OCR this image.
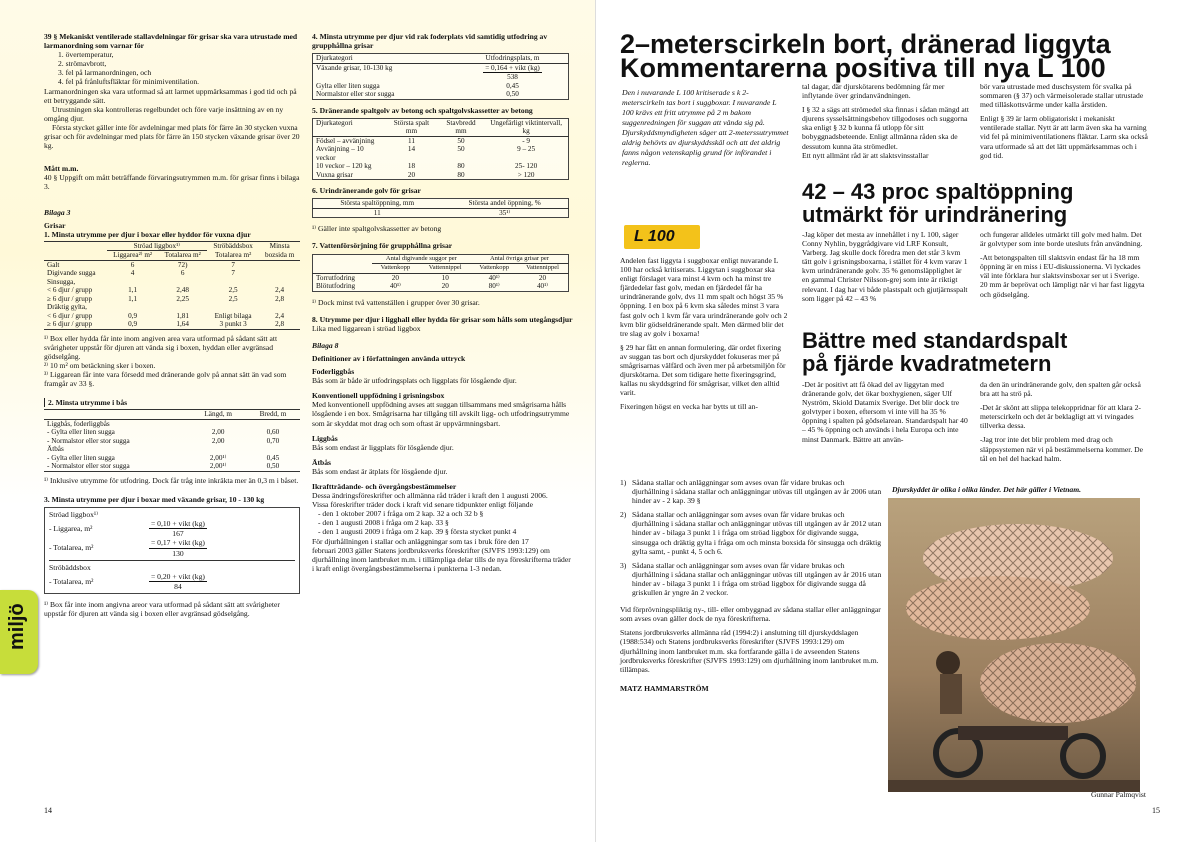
39 § Mekaniskt ventilerade stallavdelningar för grisar ska vara utrustade med larmanordning som varnar för

1. övertemperatur,
2. strömavbrott,
3. fel på larmanordningen, och
4. fel på frånluftsfläktar för minimiventilation.
Larmanordningen ska vara utformad så att larmet uppmärksammas i god tid och på ett betryggande sätt.
Utrustningen ska kontrolleras regelbundet och före varje insättning av en ny omgång djur.
Första stycket gäller inte för avdelningar med plats för färre än 30 stycken vuxna grisar och för avdelningar med plats för färre än 150 stycken växande grisar över 20 kg.
Mått m.m.
40 § Uppgift om mått beträffande förvaringsutrymmen m.m. för grisar finns i bilaga 3.
Bilaga 3
Grisar
1. Minsta utrymme per djur i boxar eller hyddor för vuxna djur
	Ströad liggbox¹⁾		Ströbäddsbox	Minsta
	Liggarea²⁾ m²	Totalarea m²	Totalarea m²	bozsida m
Galt	6	72)	7	
Digivande sugga	4	6	7	
Sinsugga,				
< 6 djur / grupp	1,1	2,48	2,5	2,4
≥ 6 djur / grupp	1,1	2,25	2,5	2,8
Dräktig gylta,				
< 6 djur / grupp	0,9	1,81	Enligt bilaga	2,4
≥ 6 djur / grupp	0,9	1,64	3 punkt 3	2,8
¹⁾ Box eller hydda får inte inom angiven area vara utformad på sådant sätt att svårigheter uppstår för djuren att vända sig i boxen, hyddan eller avgränsad gödselgång.
²⁾ 10 m² om betäckning sker i boxen.
³⁾ Liggarean får inte vara försedd med dränerande golv på annat sätt än vad som framgår av 33 §.
2. Minsta utrymme i bås
	Längd, m	Bredd, m
Liggbås, foderliggbås		
- Gylta eller liten sugga	2,00	0,60
- Normalstor eller stor sugga	2,00	0,70
Ätbås		
- Gylta eller liten sugga	2,00¹⁾	0,45
- Normalstor eller stor sugga	2,00¹⁾	0,50
¹⁾ Inklusive utrymme för utfodring. Dock får tråg inte inkräkta mer än 0,3 m i båset.
3. Minsta utrymme per djur i boxar med växande grisar, 10 - 130 kg
Ströad liggbox¹⁾
- Liggarea, m²	$\frac{\text{= 0,10 + vikt (kg)}}{167}$
- Totalarea, m²	$\frac{\text{= 0,17 + vikt (kg)}}{130}$
Ströbäddsbox
- Totalarea, m²	$\frac{\text{= 0,20 + vikt (kg)}}{84}$
¹⁾ Box får inte inom angivna areor vara utformad på sådant sätt att svårigheter uppstår för djuren att vända sig i boxen eller avgränsad gödselgång.
4. Minsta utrymme per djur vid rak foderplats vid samtidig utfodring av grupphållna grisar
Djurkategori	Utfodringsplats, m
Växande grisar, 10-130 kg	$\frac{\text{= 0,164 + vikt (kg)}}{538}$

Gylta eller liten sugga	0,45
Normalstor eller stor sugga	0,50
5. Dränerande spaltgolv av betong och spaltgolvskassetter av betong
Djurkategori	Största spalt mm	Stavbredd mm	Ungefärligt viktintervall, kg
Födsel – avvänjning	11	50	- 9
Avvänjning – 10 veckor	14	50	9 – 25
10 veckor – 120 kg	18	80	25- 120
Vuxna grisar	20	80	> 120
6. Urindränerande golv för grisar
Största spaltöppning, mm	Största andel öppning, %
11	35¹⁾
¹⁾ Gäller inte spaltgolvskassetter av betong
7. Vattenförsörjning för grupphållna grisar
	Antal digivande suggor per		Antal övriga grisar per	
	Vattenkopp	Vattennippel	Vattenkopp	Vattennippel
Torrutfodring	20	10	40¹⁾	20
Blötutfodring	40¹⁾	20	80¹⁾	40¹⁾
¹⁾ Dock minst två vattenställen i grupper över 30 grisar.
8. Utrymme per djur i ligghall eller hydda för grisar som hålls som utegångsdjur
Lika med liggarean i ströad liggbox
Bilaga 8
Definitioner av i författningen använda uttryck
Foderliggbås
Bås som är både är utfodringsplats och liggplats för lösgående djur.
Konventionell uppfödning i grisningsbox
Med konventionell uppfödning avses att suggan tillsammans med smågrisarna hålls lösgående i en box. Smågrisarna har tillgång till avskilt ligg- och utfodringsutrymme som är skyddat mot drag och som oftast är uppvärmningsbart.
Liggbås
Bås som endast är liggplats för lösgående djur.
Ätbås
Bås som endast är ätplats för lösgående djur.
Ikraftträdande- och övergångsbestämmelser
Dessa ändringsföreskrifter och allmänna råd träder i kraft den 1 augusti 2006.
Vissa föreskrifter träder dock i kraft vid senare tidpunkter enligt följande
- den 1 oktober 2007 i fråga om 2 kap. 32 a och 32 b §
- den 1 augusti 2008 i fråga om 2 kap. 33 §
- den 1 augusti 2009 i fråga om 2 kap. 39 § första stycket punkt 4
För djurhållningen i stallar och anläggningar som tas i bruk före den 17
februari 2003 gäller Statens jordbruksverks föreskrifter (SJVFS 1993:129) om djurhållning inom lantbruket m.m. i tillämpliga delar tills de nya föreskrifterna träder i kraft enligt övergångsbestämmelserna i punkterna 1-3 nedan.
miljö
14
2–meterscirkeln bort, dränerad liggyta
Kommentarerna positiva till nya L 100
Den i nuvarande L 100 kritiserade s k 2-meterscirkeln tas bort i suggboxar. I nuvarande L 100 krävs ett fritt utrymme på 2 m bakom suggenredningen för suggan att vända sig på. Djurskyddsmyndigheten säger att 2-meterssutrymmet aldrig behövts av djurskyddsskäl och att det aldrig fanns någon vetenskaplig grund för införandet i reglerna.
L 100

Andelen fast liggyta i suggboxar enligt nuvarande L 100 har också kritiserats. Liggytan i suggboxar ska enligt förslaget vara minst 4 kvm och ha minst tre fjärdedelar fast golv, medan en fjärdedel får ha urindränerande golv, dvs 11 mm spalt och högst 35 % öppning. I en box på 6 kvm ska således minst 3 vara fast golv och 1 kvm får vara urindränerande golv och 2 kvm blir gödseldränerande spalt. Men därmed blir det tre slag av golv i boxarna!

§ 29 har fått en annan formulering, där ordet fixering av suggan tas bort och djurskyddet fokuseras mer på smågrisarnas välfärd och även mer på arbetsmiljön för djurskötarna. Det som tidigare hette fixeringsgrind, kallas nu skyddsgrind för smågrisar, vilket den alltid varit.

Fixeringen högst en vecka har bytts ut till an-

tal dagar, där djurskötarens bedömning får mer inflytande över grindanvändningen.

I § 32 a sägs att strömedel ska finnas i sådan mängd att djurens sysselsättningsbehov tillgodoses och suggorna ska enligt § 32 b kunna få utlopp för sitt bobyggnadsbeteende. Enligt allmänna råden ska de dessutom kunna äta strömedlet.

Ett nytt allmänt råd är att slaktsvinsstallar

bör vara utrustade med duschsystem för svalka på sommaren (§ 37) och värmeisolerade stallar utrustade med tilläskottsvärme under kalla årstiden.

Enligt § 39 är larm obligatoriskt i mekaniskt ventilerade stallar. Nytt är att larm även ska ha varning vid fel på minimiventilationens fläktar. Larm ska också vara utformade så att det lätt uppmärksammas och i god tid.

42 – 43 proc spaltöppning
utmärkt för urindränering
-Jag köper det mesta av innehållet i ny L 100, säger Conny Nyhlin, byggrådgivare vid LRF Konsult, Varberg. Jag skulle dock föredra men det står 3 kvm tätt golv i grisningsboxarna, i stället för 4 kvm varav 1 kvm urindränerande golv. 35 % genomsläpplighet är en gammal Christer Nilsson-grej som inte är riktigt relevant. I dag har vi både plastspalt och gjutjärnsspalt som ligger på 42 – 43 %

och fungerar alldeles utmärkt till golv med halm. Det är golvtyper som inte borde utesluts från användning.

-Att betongspalten till slaktsvin endast får ha 18 mm öppning är en miss i EU-diskussionerna. Vi lyckades väl inte förklara hur slaktsvinsboxar ser ut i Sverige. 20 mm är beprövat och lämpligt när vi har fast liggyta och gödselgång.

Bättre med standardspalt
på fjärde kvadratmetern
-Det är positivt att få ökad del av liggytan med dränerande golv, det ökar boxhygienen, säger Ulf Nyström, Skiold Datamix Sverige. Det blir dock tre golvtyper i boxen, eftersom vi inte vill ha 35 % öppning i spalten på gödselarean. Standardspalt har 40 – 45 % öppning och används i hela Europa och inte minst Danmark. Bättre att använ-

da den än urindränerande golv, den spalten går också bra att ha strö på.

-Det är skönt att slippa telekoppridnar för att klara 2-meterscirkeln och det är beklagligt att vi tvingades tillverka dessa.

-Jag tror inte det blir problem med drag och släppsystemen när vi på bestämmelserna kommer. De tål en hel del hackad halm.

1) Sådana stallar och anläggningar som avses ovan får vidare brukas och djurhållning i sådana stallar och anläggningar utövas till utgången av år 2006 utan hinder av - 2 kap. 39 §
2) Sådana stallar och anläggningar som avses ovan får vidare brukas och djurhållning i sådana stallar och anläggningar utövas till utgången av år 2012 utan hinder av - bilaga 3 punkt 1 i fråga om ströad liggbox för digivande sugga, sinsugga och dräktig gylta i fråga om och minsta boxsida för sinsugga och dräktig gylta samt, - punkt 4, 5 och 6.
3) Sådana stallar och anläggningar som avses ovan får vidare brukas och djurhållning i sådana stallar och anläggningar utövas till utgången av år 2016 utan hinder av - bilaga 3 punkt 1 i fråga om ströad liggbox för digivande sugga då griskullen är yngre än 2 veckor.

Vid förprövningspliktig ny-, till- eller ombyggnad av sådana stallar eller anläggningar som avses ovan gäller dock de nya föreskrifterna.

Statens jordbruksverks allmänna råd (1994:2) i anslutning till djurskyddslagen (1988:534) och Statens jordbruksverks föreskrifter (SJVFS 1993:129) om djurhållning inom lantbruket m.m. ska fortfarande gälla i de avseenden Statens jordbruksverks föreskrifter (SJVFS 1993:129) om djurhållning inom lantbruket m.m. tillämpas.

MATZ HAMMARSTRÖM
Djurskyddet är olika i olika länder. Det här gäller i Vietnam.
Gunnar Palmqvist
15
